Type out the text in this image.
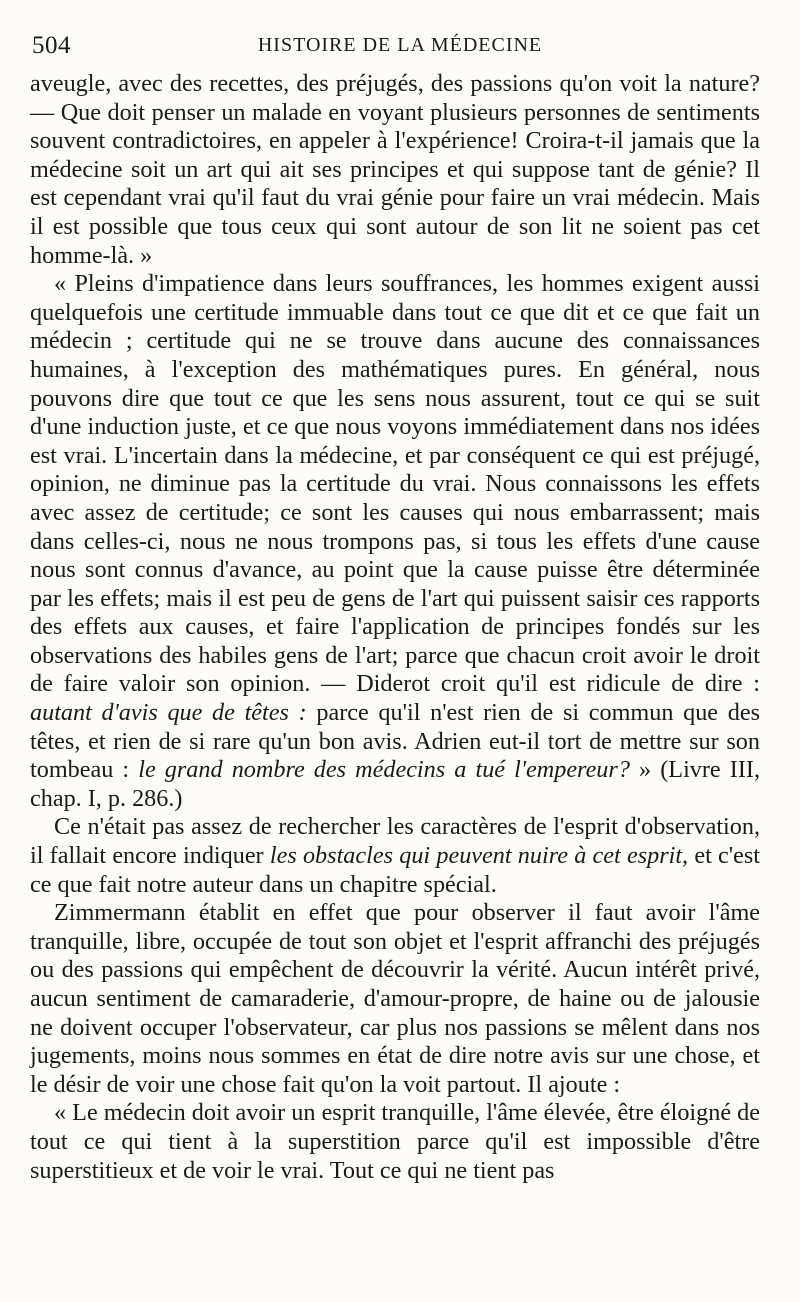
504	HISTOIRE DE LA MÉDECINE

aveugle, avec des recettes, des préjugés, des passions qu'on voit la nature? — Que doit penser un malade en voyant plusieurs personnes de sentiments souvent contradictoires, en appeler à l'expérience! Croira-t-il jamais que la médecine soit un art qui ait ses principes et qui suppose tant de génie? Il est cependant vrai qu'il faut du vrai génie pour faire un vrai médecin. Mais il est possible que tous ceux qui sont autour de son lit ne soient pas cet homme-là. »

« Pleins d'impatience dans leurs souffrances, les hommes exigent aussi quelquefois une certitude immuable dans tout ce que dit et ce que fait un médecin ; certitude qui ne se trouve dans aucune des connaissances humaines, à l'exception des mathématiques pures. En général, nous pouvons dire que tout ce que les sens nous assurent, tout ce qui se suit d'une induction juste, et ce que nous voyons immédiatement dans nos idées est vrai. L'incertain dans la médecine, et par conséquent ce qui est préjugé, opinion, ne diminue pas la certitude du vrai. Nous connaissons les effets avec assez de certitude; ce sont les causes qui nous embarrassent; mais dans celles-ci, nous ne nous trompons pas, si tous les effets d'une cause nous sont connus d'avance, au point que la cause puisse être déterminée par les effets; mais il est peu de gens de l'art qui puissent saisir ces rapports des effets aux causes, et faire l'application de principes fondés sur les observations des habiles gens de l'art; parce que chacun croit avoir le droit de faire valoir son opinion. — Diderot croit qu'il est ridicule de dire : autant d'avis que de têtes : parce qu'il n'est rien de si commun que des têtes, et rien de si rare qu'un bon avis. Adrien eut-il tort de mettre sur son tombeau : le grand nombre des médecins a tué l'empereur? » (Livre III, chap. I, p. 286.)

Ce n'était pas assez de rechercher les caractères de l'esprit d'observation, il fallait encore indiquer les obstacles qui peuvent nuire à cet esprit, et c'est ce que fait notre auteur dans un chapitre spécial.

Zimmermann établit en effet que pour observer il faut avoir l'âme tranquille, libre, occupée de tout son objet et l'esprit affranchi des préjugés ou des passions qui empêchent de découvrir la vérité. Aucun intérêt privé, aucun sentiment de camaraderie, d'amour-propre, de haine ou de jalousie ne doivent occuper l'observateur, car plus nos passions se mêlent dans nos jugements, moins nous sommes en état de dire notre avis sur une chose, et le désir de voir une chose fait qu'on la voit partout. Il ajoute :

« Le médecin doit avoir un esprit tranquille, l'âme élevée, être éloigné de tout ce qui tient à la superstition parce qu'il est impossible d'être superstitieux et de voir le vrai. Tout ce qui ne tient pas
